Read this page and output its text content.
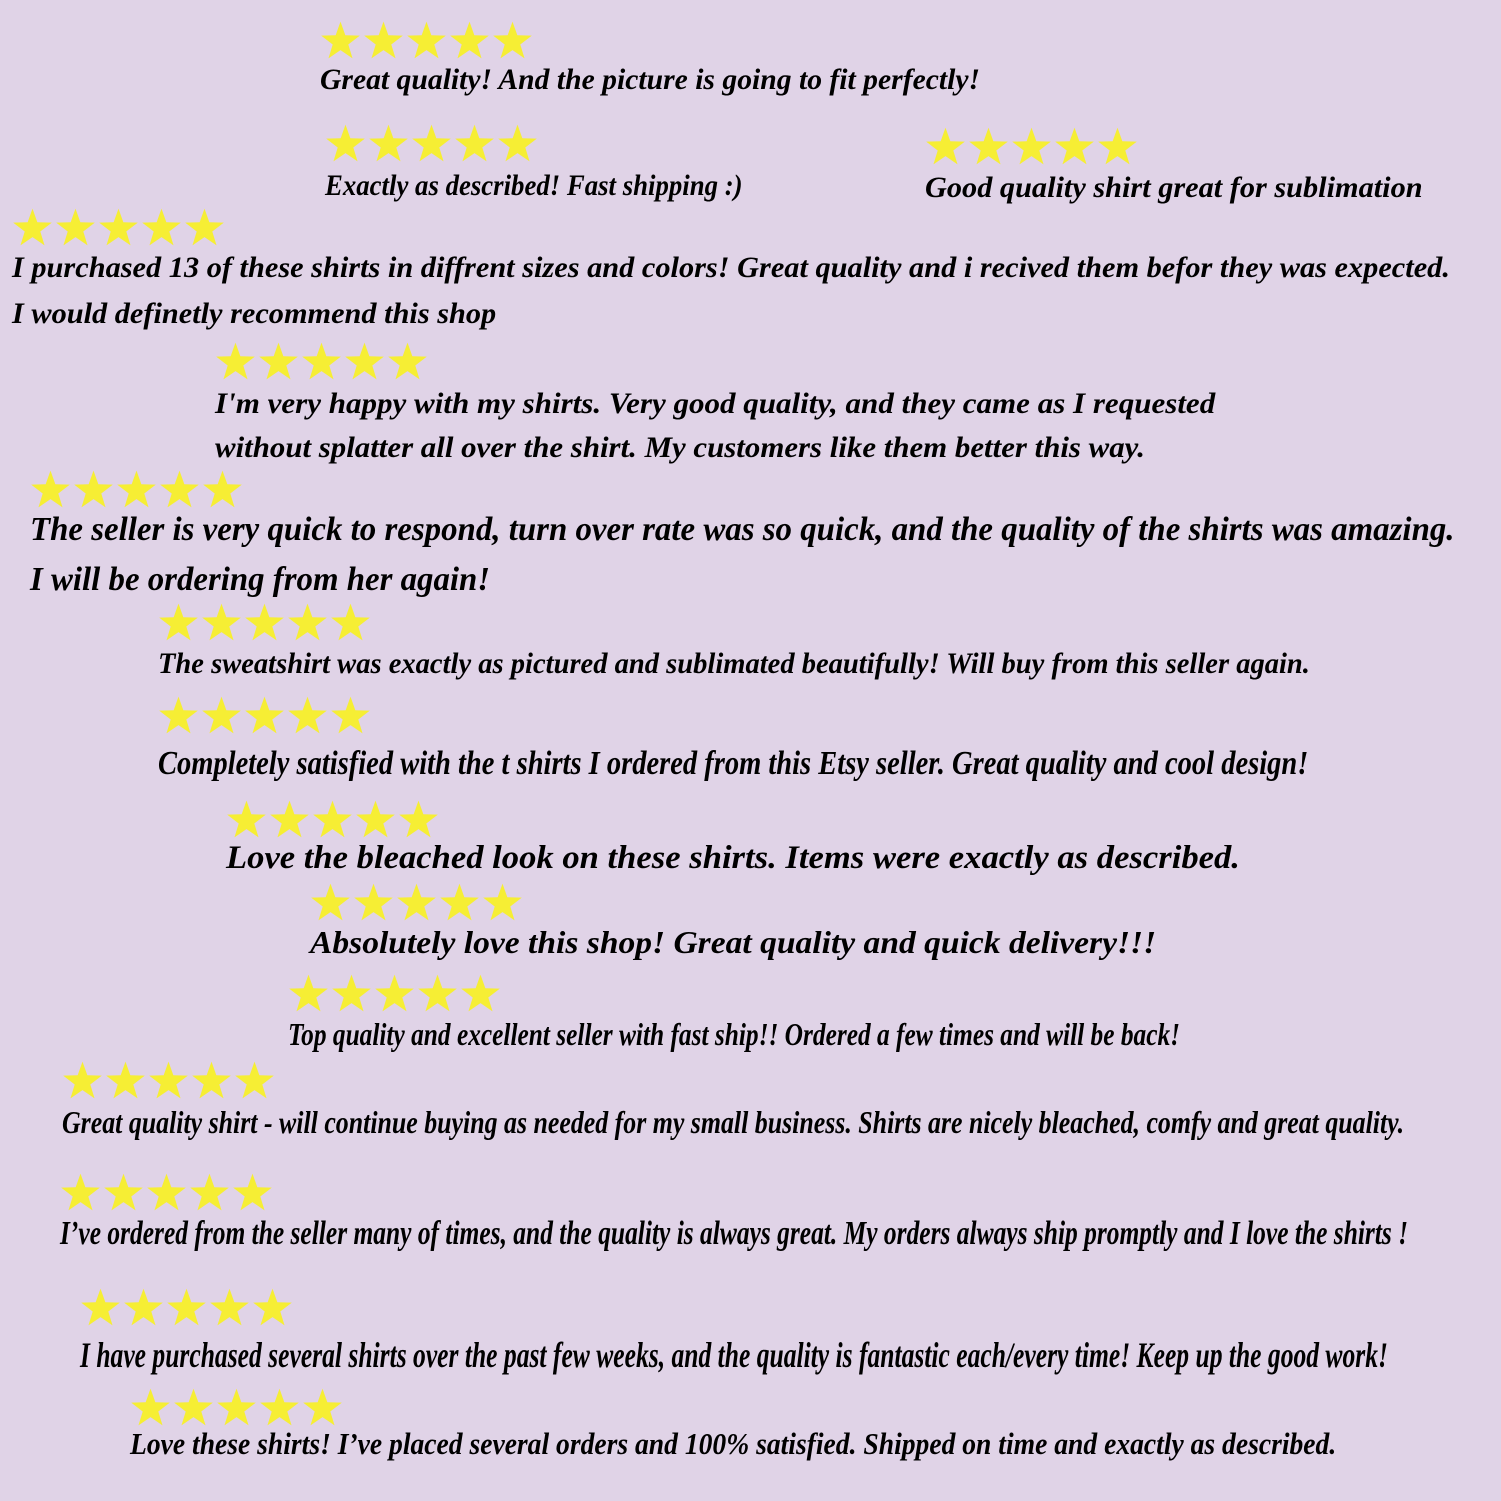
Great quality! And the picture is going to fit perfectly!

Exactly as described! Fast shipping :)	Good quality shirt great for sublimation

I purchased 13 of these shirts in diffrent sizes and colors! Great quality and i recived them befor they was expected.

I would definetly recommend this shop

I'm very happy with my shirts. Very good quality, and they came as I requested

without splatter all over the shirt. My customers like them better this way.

The seller is very quick to respond, turn over rate was so quick, and the quality of the shirts was amazing.

I will be ordering from her again!

The sweatshirt was exactly as pictured and sublimated beautifully! Will buy from this seller again.

Completely satisfied with the t shirts I ordered from this Etsy seller. Great quality and cool design!

Love the bleached look on these shirts. Items were exactly as described.

Absolutely love this shop! Great quality and quick delivery!!!

Top quality and excellent seller with fast ship!! Ordered a few times and will be back!

Great quality shirt - will continue buying as needed for my small business. Shirts are nicely bleached, comfy and great quality.

I’ve ordered from the seller many of times, and the quality is always great. My orders always ship promptly and I love the shirts !

I have purchased several shirts over the past few weeks, and the quality is fantastic each/every time! Keep up the good work!

Love these shirts! I’ve placed several orders and 100% satisfied. Shipped on time and exactly as described.
